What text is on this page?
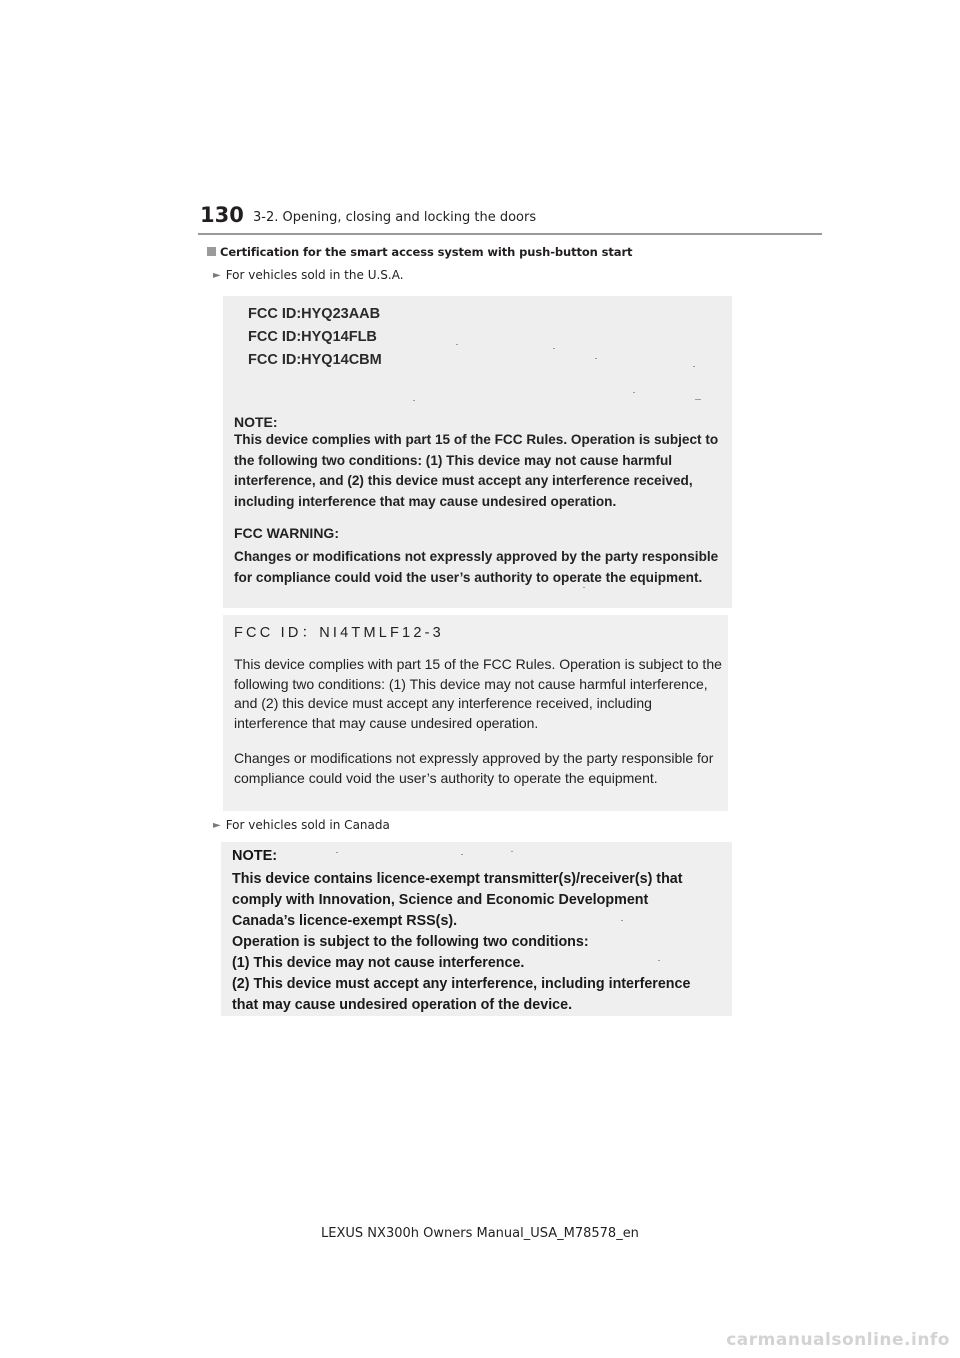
130 3-2. Opening, closing and locking the doors
Certification for the smart access system with push-button start
► For vehicles sold in the U.S.A.
FCC ID:HYQ23AAB
FCC ID:HYQ14FLB
FCC ID:HYQ14CBM
NOTE:
This device complies with part 15 of the FCC Rules. Operation is subject to the following two conditions: (1) This device may not cause harmful interference, and (2) this device must accept any interference received, including interference that may cause undesired operation.
FCC WARNING:
Changes or modifications not expressly approved by the party responsible for compliance could void the user’s authority to operate the equipment.
FCC ID：NI4TMLF12-3
This device complies with part 15 of the FCC Rules. Operation is subject to the following two conditions: (1) This device may not cause harmful interference, and (2) this device must accept any interference received, including interference that may cause undesired operation.
Changes or modifications not expressly approved by the party responsible for compliance could void the user’s authority to operate the equipment.
► For vehicles sold in Canada
NOTE:
This device contains licence-exempt transmitter(s)/receiver(s) that
comply with Innovation, Science and Economic Development
Canada’s licence-exempt RSS(s).
Operation is subject to the following two conditions:
(1) This device may not cause interference.
(2) This device must accept any interference, including interference
that may cause undesired operation of the device.
LEXUS NX300h Owners Manual_USA_M78578_en
carmanualsonline.info
